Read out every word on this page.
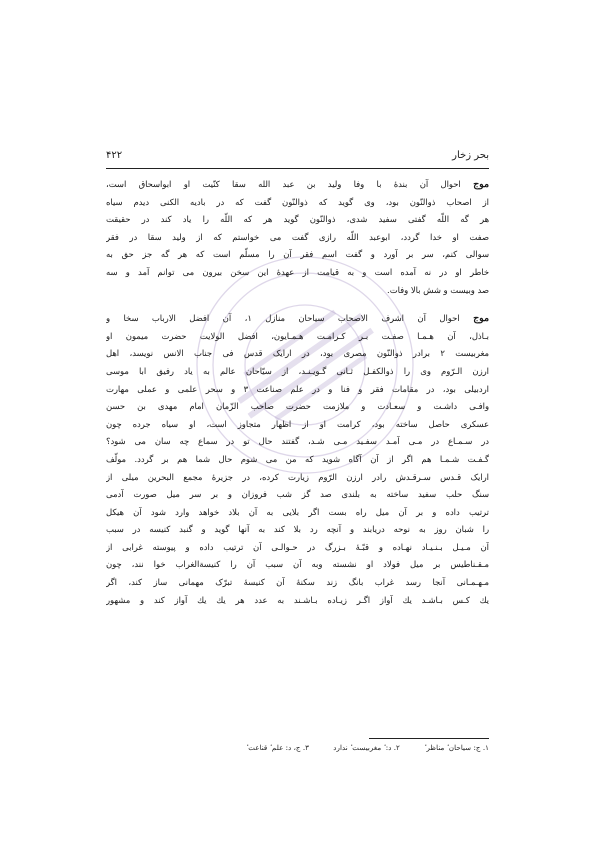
بحر زخار
۴۲۲

موج احوال آن بندهٔ با وفا ولید بن عبد الله سقا کنّیت او ابواسحاق است،
از اصحاب ذوالنّون بود، وی گوید که ذوالنّون گفت که در بادیه الکنی دیدم سیاه
هر گه اللّه گفتی سفید شدی، ذوالنّون گوید هر که اللّه را یاد کند در حقیقت
صفت او خدا گردد، ابوعبد اللّه رازی گفت می خواستم که از ولید سقا در فقر
سوالی کنم، سر بر آورد و گفت اسم فقر آن را مسلّم است که هر گه جز حق به
خاطر او در نه آمده است و به قیامت از عهدهٔ این سخن بیرون می توانم آمد و سه
صد وبیست و شش بالا وفات.

موج احوال آن اشرف الاصحاب سیاحان منازل ۱، آن افضل الارباب سخا و
بـاذل، آن هـمـا صفـت بـر کـرامـت هـمـایون، افضل الولایت حضرت میمون او
مغربیست ۲ برادر ذوالنّون مصری بود، در ارایک قدس فی جناب الانس نویسد، اهل
ارزن الـرّوم وی را ذوالکفـل ثـانی گـویـنـد، از سیّاحان عالم به یاد رفیق ابا موسی
اردبیلی بود، در مقامات فقر و فنا و در علم صناعت ۳ و سحر علمی و عملی مهارت
وافـی داشـت و سعـادت و ملازمت حضرت صاحب الزّمان امام مهدی بن حسن
عسکری حاصل ساخته بود، کرامت او از اظهار متجاوز است، او سیاه جرده چون
در سـمـاع در مـی آمـد سفـید مـی شـد، گفتند حال تو در سماع چه سان می شود؟
گـفـت شـمـا هم اگر از آن آگاه شوید که من می شوم حال شما هم بر گردد. مولّف
ارایک قـدس سـرقـدش رادر ارزن الرّوم زیارت کرده، در جزیرهٔ مجمع البحرین میلی از
سنگ حلب سفید ساخته به بلندی صد گز شب فروزان و بر سر میل صورت آدمی
ترتیب داده و بر آن میل راه بست اگر بلایی به آن بلاد خواهد وارد شود آن هیکل
را شبان روز به نوحه دریابند و آنچه رد بلا کند به آنها گوید و گنبد کنیسه در سبب
آن مـیـل بـنـیـاد نهـاده و قبّـهٔ بـزرگ در حـوالـی آن ترتیب داده و پیوسته غرابی از
مـقـناطیس بر میل فولاد او نشسته وبه آن سبب آن را کنیسةالغراب خوا نند، چون
مـهـمـانی آنجا رسد غراب بانگ زند سکنهٔ آن کنیسهٔ تبرّک مهمانی ساز کند، اگر
یك کـس بـاشـد یك آواز اگـر زیـاده بـاشـند به عدد هر یك یك آواز کند و مشهور

۱. ج: سیاحان ٔ مناظر ٔ ۲. د: ٔ مغربیست ٔ ندارد ۳. ج، د: علم ٔ قناعت ٔ
